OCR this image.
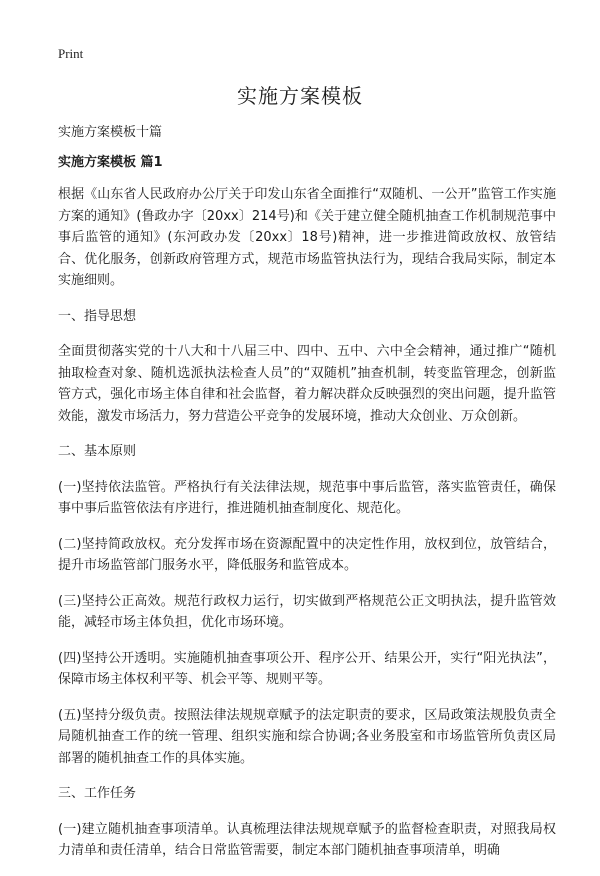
Print
实施方案模板

实施方案模板十篇

实施方案模板 篇1

根据《山东省人民政府办公厅关于印发山东省全面推行“双随机、一公开”监管工作实施方案的通知》(鲁政办字〔20xx〕214号)和《关于建立健全随机抽查工作机制规范事中事后监管的通知》(东河政办发〔20xx〕18号)精神，进一步推进简政放权、放管结合、优化服务，创新政府管理方式，规范市场监管执法行为，现结合我局实际，制定本实施细则。

一、指导思想

全面贯彻落实党的十八大和十八届三中、四中、五中、六中全会精神，通过推广“随机抽取检查对象、随机选派执法检查人员”的“双随机”抽查机制，转变监管理念，创新监管方式，强化市场主体自律和社会监督，着力解决群众反映强烈的突出问题，提升监管效能，激发市场活力，努力营造公平竞争的发展环境，推动大众创业、万众创新。

二、基本原则

(一)坚持依法监管。严格执行有关法律法规，规范事中事后监管，落实监管责任，确保事中事后监管依法有序进行，推进随机抽查制度化、规范化。

(二)坚持简政放权。充分发挥市场在资源配置中的决定性作用，放权到位，放管结合，提升市场监管部门服务水平，降低服务和监管成本。

(三)坚持公正高效。规范行政权力运行，切实做到严格规范公正文明执法，提升监管效能，减轻市场主体负担，优化市场环境。

(四)坚持公开透明。实施随机抽查事项公开、程序公开、结果公开，实行“阳光执法”，保障市场主体权利平等、机会平等、规则平等。

(五)坚持分级负责。按照法律法规规章赋予的法定职责的要求，区局政策法规股负责全局随机抽查工作的统一管理、组织实施和综合协调;各业务股室和市场监管所负责区局部署的随机抽查工作的具体实施。

三、工作任务

(一)建立随机抽查事项清单。认真梳理法律法规规章赋予的监督检查职责，对照我局权力清单和责任清单，结合日常监管需要，制定本部门随机抽查事项清单，明确
